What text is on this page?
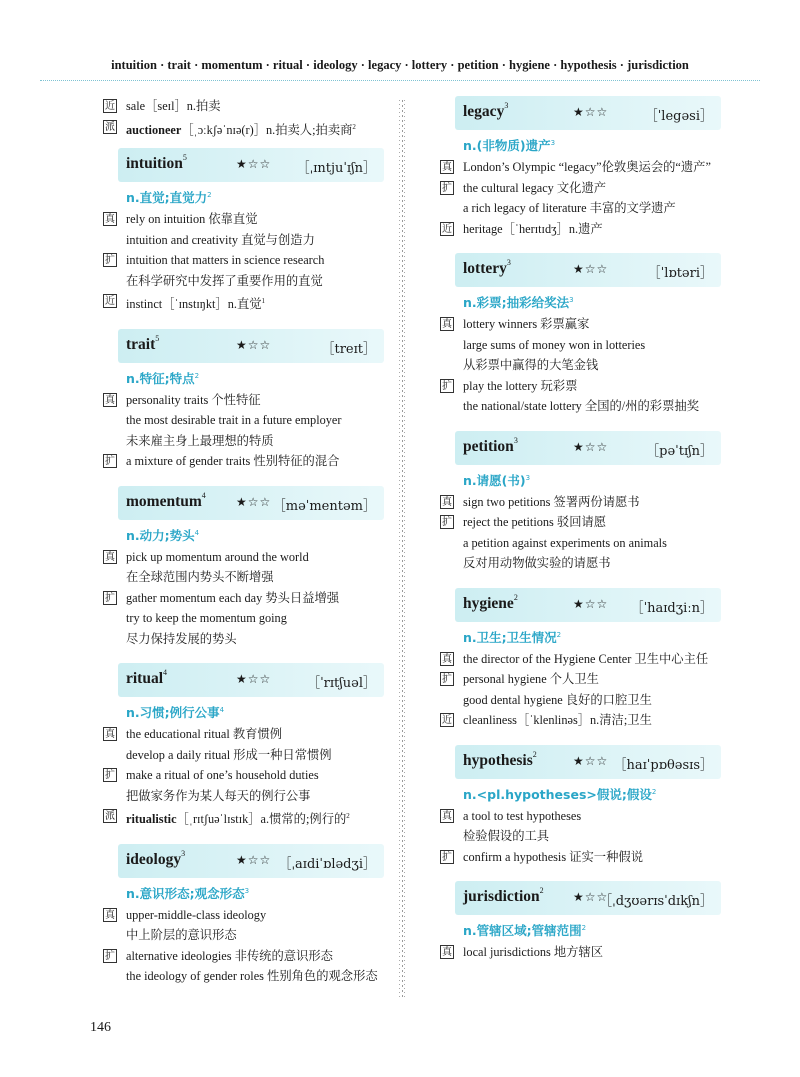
intuition · trait · momentum · ritual · ideology · legacy · lottery · petition · hygiene · hypothesis · jurisdiction
近 sale［seɪl］n.拍卖
派 auctioneer［ˌɔːkʃəˈnɪə(r)］n.拍卖人;拍卖商$^2$
intuition$^5$	★☆☆ ［ˌɪntjuˈɪʃn］
n.直觉;直觉力$^2$
真 rely on intuition 依靠直觉
intuition and creativity 直觉与创造力
扩 intuition that matters in science research
在科学研究中发挥了重要作用的直觉
近 instinct［ˈɪnstɪŋkt］n.直觉$^1$
trait$^5$	★☆☆	［treɪt］
n.特征;特点$^2$
真 personality traits 个性特征
the most desirable trait in a future employer
未来雇主身上最理想的特质
扩 a mixture of gender traits 性别特征的混合
momentum$^4$	★☆☆ ［məˈmentəm］
n.动力;势头$^4$
真 pick up momentum around the world
在全球范围内势头不断增强
扩 gather momentum each day 势头日益增强
try to keep the momentum going
尽力保持发展的势头
ritual$^4$	★☆☆	［ˈrɪtʃuəl］
n.习惯;例行公事$^4$
真 the educational ritual 教育惯例
develop a daily ritual 形成一种日常惯例
扩 make a ritual of one’s household duties
把做家务作为某人每天的例行公事
派 ritualistic［ˌrɪtʃuəˈlɪstɪk］a.惯常的;例行的$^2$
ideology$^3$	★☆☆ ［ˌaɪdiˈɒlədʒi］
n.意识形态;观念形态$^3$
真 upper-middle-class ideology
中上阶层的意识形态
扩 alternative ideologies 非传统的意识形态
the ideology of gender roles 性别角色的观念形态
legacy$^3$	★☆☆	［ˈlegəsi］
n.(非物质)遗产$^3$
真 London’s Olympic “legacy”伦敦奥运会的“遗产”
扩 the cultural legacy 文化遗产
a rich legacy of literature 丰富的文学遗产
近 heritage［ˈherɪtɪdʒ］n.遗产
lottery$^3$	★☆☆	［ˈlɒtəri］
n.彩票;抽彩给奖法$^3$
真 lottery winners 彩票赢家
large sums of money won in lotteries
从彩票中赢得的大笔金钱
扩 play the lottery 玩彩票
the national/state lottery 全国的/州的彩票抽奖
petition$^3$	★☆☆	［pəˈtɪʃn］
n.请愿(书)$^3$
真 sign two petitions 签署两份请愿书
扩 reject the petitions 驳回请愿
a petition against experiments on animals
反对用动物做实验的请愿书
hygiene$^2$	★☆☆ ［ˈhaɪdʒiːn］
n.卫生;卫生情况$^2$
真 the director of the Hygiene Center 卫生中心主任
扩 personal hygiene 个人卫生
good dental hygiene 良好的口腔卫生
近 cleanliness［ˈklenlinəs］n.清洁;卫生
hypothesis$^2$	★☆☆ ［haɪˈpɒθəsɪs］
n.<pl.hypotheses>假说;假设$^2$
真 a tool to test hypotheses
检验假设的工具
扩 confirm a hypothesis 证实一种假说
jurisdiction$^2$ ★☆☆
［ˌdʒʊərɪsˈdɪkʃn］
n.管辖区域;管辖范围$^2$
真 local jurisdictions 地方辖区
146
